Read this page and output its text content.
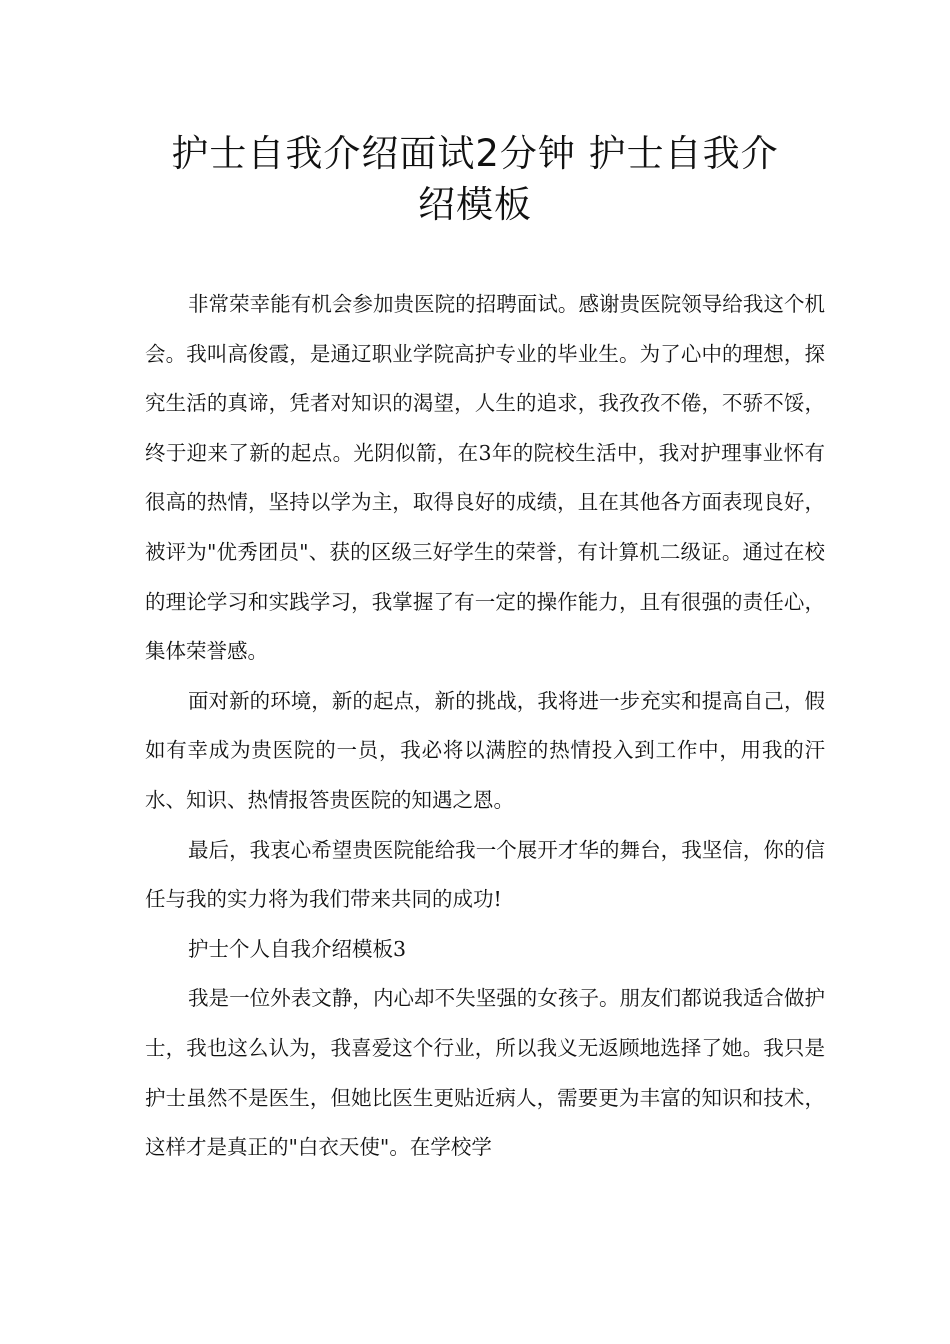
护士自我介绍面试2分钟 护士自我介
绍模板

非常荣幸能有机会参加贵医院的招聘面试。感谢贵医院领导给我这个机会。我叫高俊霞，是通辽职业学院高护专业的毕业生。为了心中的理想，探究生活的真谛，凭者对知识的渴望，人生的追求，我孜孜不倦，不骄不馁，终于迎来了新的起点。光阴似箭，在3年的院校生活中，我对护理事业怀有很高的热情，坚持以学为主，取得良好的成绩，且在其他各方面表现良好，被评为"优秀团员"、获的区级三好学生的荣誉，有计算机二级证。通过在校的理论学习和实践学习，我掌握了有一定的操作能力，且有很强的责任心，集体荣誉感。

面对新的环境，新的起点，新的挑战，我将进一步充实和提高自己，假如有幸成为贵医院的一员，我必将以满腔的热情投入到工作中，用我的汗水、知识、热情报答贵医院的知遇之恩。

最后，我衷心希望贵医院能给我一个展开才华的舞台，我坚信，你的信任与我的实力将为我们带来共同的成功!

护士个人自我介绍模板3

我是一位外表文静，内心却不失坚强的女孩子。朋友们都说我适合做护士，我也这么认为，我喜爱这个行业，所以我义无返顾地选择了她。我只是护士虽然不是医生，但她比医生更贴近病人，需要更为丰富的知识和技术，这样才是真正的"白衣天使"。在学校学
